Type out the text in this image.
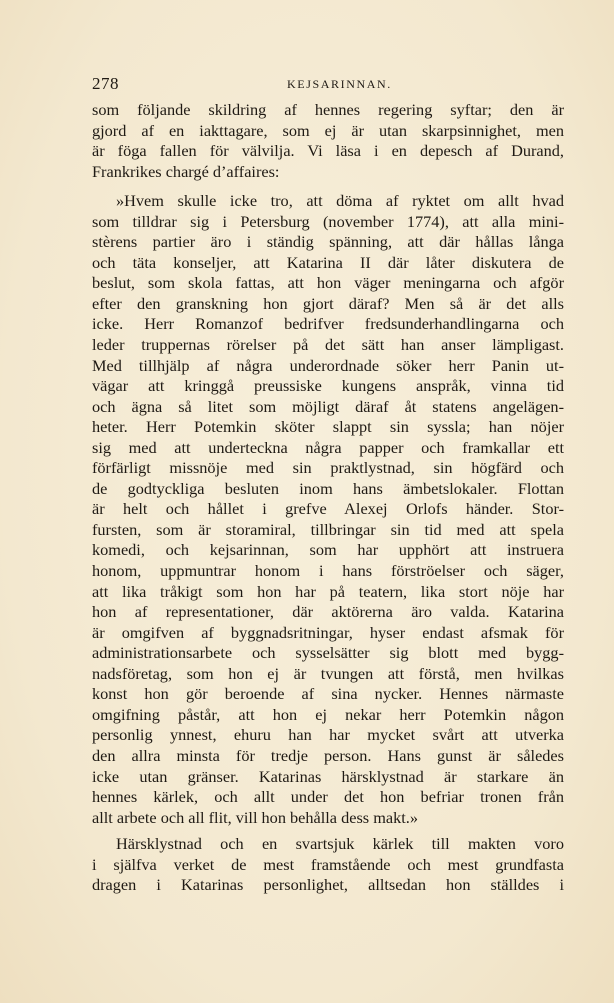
278	KEJSARINNAN.

som följande skildring af hennes regering syftar; den är
gjord af en iakttagare, som ej är utan skarpsinnighet, men
är föga fallen för välvilja. Vi läsa i en depesch af Durand,
Frankrikes chargé d’affaires:

»Hvem skulle icke tro, att döma af ryktet om allt hvad
som tilldrar sig i Petersburg (november 1774), att alla mini-
stèrens partier äro i ständig spänning, att där hållas långa
och täta konseljer, att Katarina II där låter diskutera de
beslut, som skola fattas, att hon väger meningarna och afgör
efter den granskning hon gjort däraf? Men så är det alls
icke. Herr Romanzof bedrifver fredsunderhandlingarna och
leder truppernas rörelser på det sätt han anser lämpligast.
Med tillhjälp af några underordnade söker herr Panin ut-
vägar att kringgå preussiske kungens anspråk, vinna tid
och ägna så litet som möjligt däraf åt statens angelägen-
heter. Herr Potemkin sköter slappt sin syssla; han nöjer
sig med att underteckna några papper och framkallar ett
förfärligt missnöje med sin praktlystnad, sin högfärd och
de godtyckliga besluten inom hans ämbetslokaler. Flottan
är helt och hållet i grefve Alexej Orlofs händer. Stor-
fursten, som är storamiral, tillbringar sin tid med att spela
komedi, och kejsarinnan, som har upphört att instruera
honom, uppmuntrar honom i hans förströelser och säger,
att lika tråkigt som hon har på teatern, lika stort nöje har
hon af representationer, där aktörerna äro valda. Katarina
är omgifven af byggnadsritningar, hyser endast afsmak för
administrationsarbete och sysselsätter sig blott med bygg-
nadsföretag, som hon ej är tvungen att förstå, men hvilkas
konst hon gör beroende af sina nycker. Hennes närmaste
omgifning påstår, att hon ej nekar herr Potemkin någon
personlig ynnest, ehuru han har mycket svårt att utverka
den allra minsta för tredje person. Hans gunst är således
icke utan gränser. Katarinas härsklystnad är starkare än
hennes kärlek, och allt under det hon befriar tronen från
allt arbete och all flit, vill hon behålla dess makt.»

Härsklystnad och en svartsjuk kärlek till makten voro
i själfva verket de mest framstående och mest grundfasta
dragen i Katarinas personlighet, alltsedan hon ställdes i
